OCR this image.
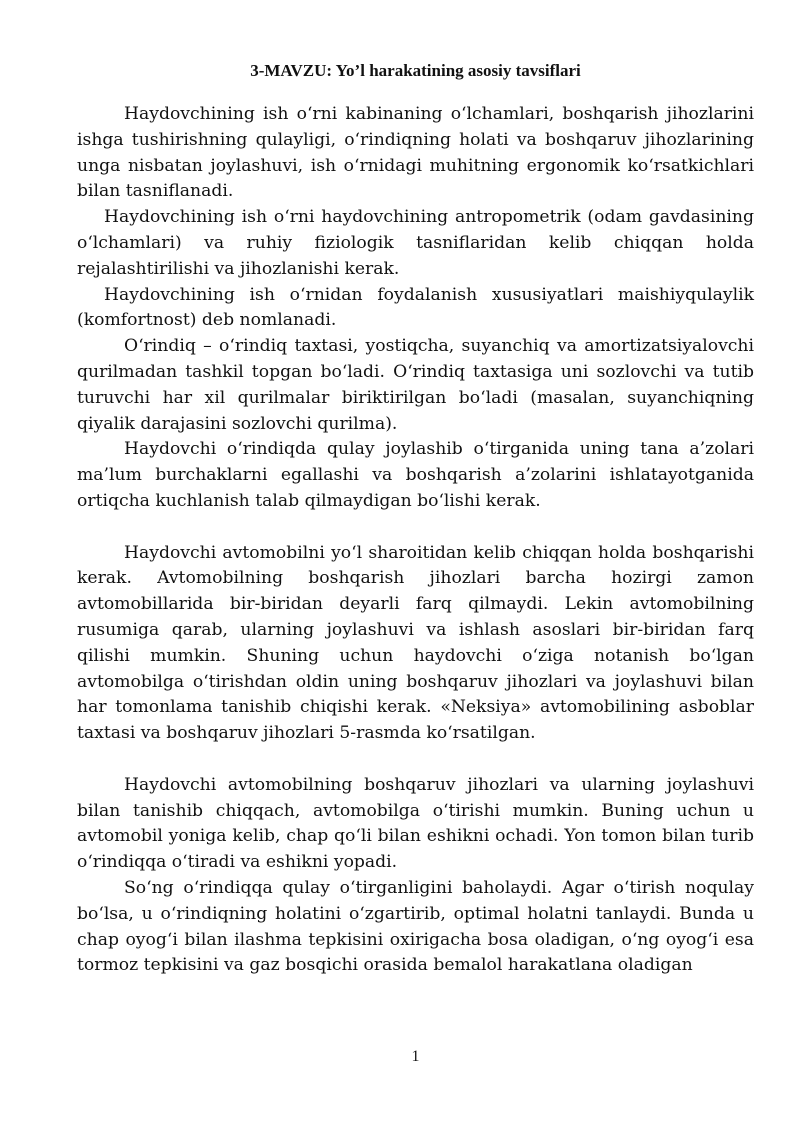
3-MAVZU: Yo’l harakatining asosiy tavsiflari

Haydovchining ish oʻrni kabinaning oʻlchamlari, boshqarish jihozlarini ishga tushirishning qulayligi, oʻrindiqning holati va boshqaruv jihozlarining unga nisbatan joylashuvi, ish oʻrnidagi muhitning ergonomik koʻrsatkichlari bilan tasniflanadi.

Haydovchining ish oʻrni haydovchining antropometrik (odam gavdasining oʻlchamlari) va ruhiy fiziologik tasniflaridan kelib chiqqan holda rejalashtirilishi va jihozlanishi kerak.

Haydovchining ish oʻrnidan foydalanish xususiyatlari maishiyqulaylik (komfortnost) deb nomlanadi.

Oʻrindiq – oʻrindiq taxtasi, yostiqcha, suyanchiq va amortizatsiyalovchi qurilmadan tashkil topgan boʻladi. Oʻrindiq taxtasiga uni sozlovchi va tutib turuvchi har xil qurilmalar biriktirilgan boʻladi (masalan, suyanchiqning qiyalik darajasini sozlovchi qurilma).

Haydovchi oʻrindiqda qulay joylashib oʻtirganida uning tana a’zolari ma’lum burchaklarni egallashi va boshqarish a’zolarini ishlatayotganida ortiqcha kuchlanish talab qilmaydigan boʻlishi kerak.

Haydovchi avtomobilni yoʻl sharoitidan kelib chiqqan holda boshqarishi kerak. Avtomobilning boshqarish jihozlari barcha hozirgi zamon avtomobillarida bir-biridan deyarli farq qilmaydi. Lekin avtomobilning rusumiga qarab, ularning joylashuvi va ishlash asoslari bir-biridan farq qilishi mumkin. Shuning uchun haydovchi oʻziga notanish boʻlgan avtomobilga oʻtirishdan oldin uning boshqaruv jihozlari va joylashuvi bilan har tomonlama tanishib chiqishi kerak. «Neksiya» avtomobilining asboblar taxtasi va boshqaruv jihozlari 5-rasmda koʻrsatilgan.

Haydovchi avtomobilning boshqaruv jihozlari va ularning joylashuvi bilan tanishib chiqqach, avtomobilga oʻtirishi mumkin. Buning uchun u avtomobil yoniga kelib, chap qoʻli bilan eshikni ochadi. Yon tomon bilan turib oʻrindiqqa oʻtiradi va eshikni yopadi.

Soʻng oʻrindiqqa qulay oʻtirganligini baholaydi. Agar oʻtirish noqulay boʻlsa, u oʻrindiqning holatini oʻzgartirib, optimal holatni tanlaydi. Bunda u chap oyogʻi bilan ilashma tepkisini oxirigacha bosa oladigan, oʻng oyogʻi esa tormoz tepkisini va gaz bosqichi orasida bemalol harakatlana oladigan

1
